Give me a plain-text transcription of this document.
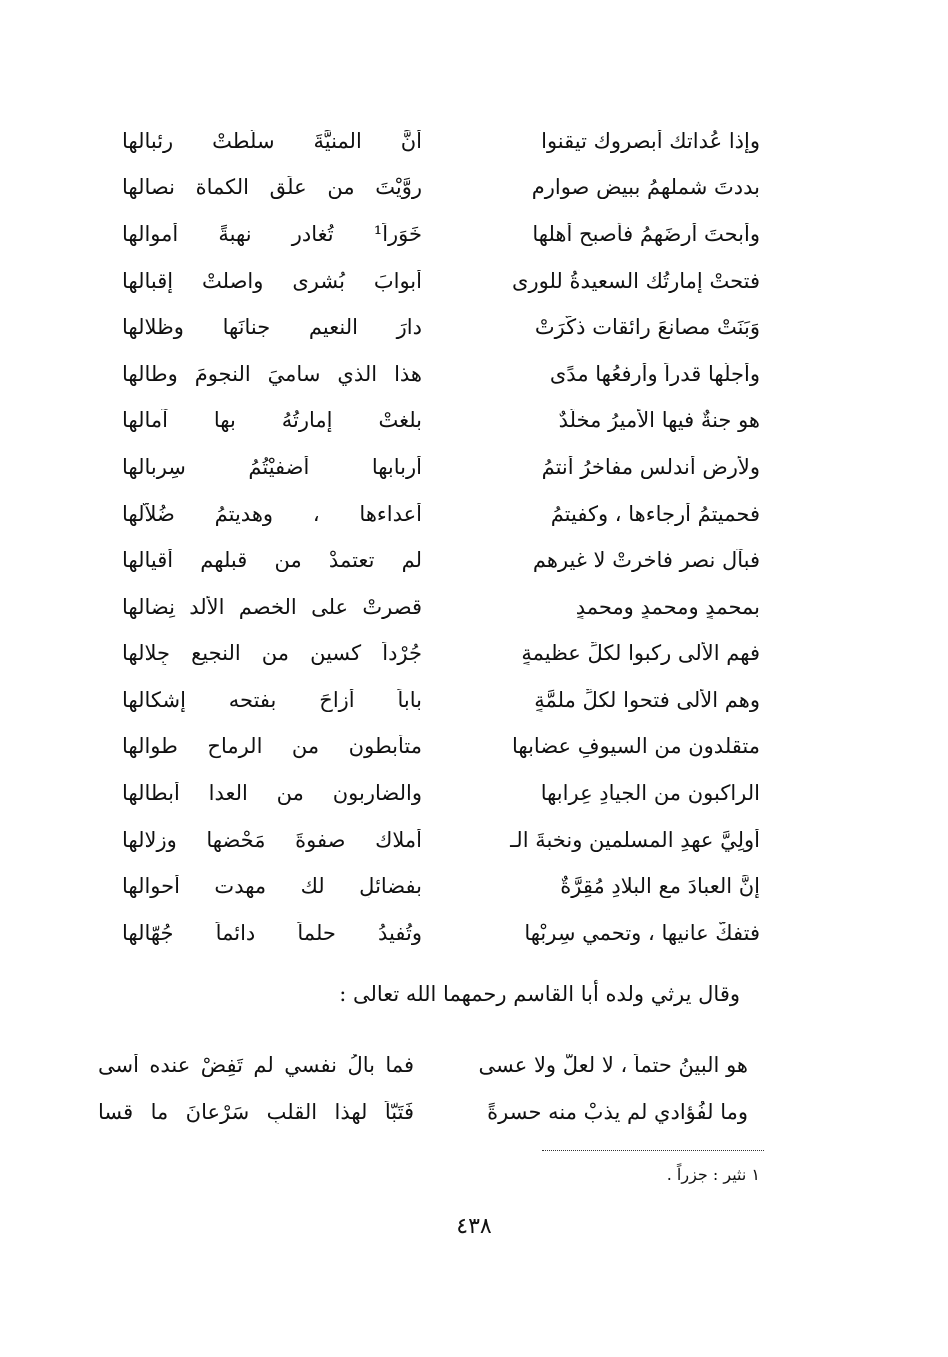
وإذا عُداتك أبصروك تيقنوا
أنَّ المنيَّةَ سلَّطتْ رِئبالها
بددتَ شملهمُ ببيض صوارمٍ
روَّيْتَ من علَقِ الكماة نصالها
وأبحتَ أرضَهمُ فأصبح أهلها
خَوَراً¹ تُغادر نهبةً أموالها
فتحتْ إمارتُك السعيدةُ للورى
أبوابَ بُشرى واصلتْ إقبالها
وَبَنَتْ مصانعَ رائقات ذكَّرَتْ
دارَ النعيم جنانَها وظلالها
وأجلُّها قدراً وأرفعُها مدًى
هذا الذي ساميَ النجومَ وطالها
هو جنةٌ فيها الأميرُ مخلَّدٌ
بلغتْ إمارتُهُ بها آمالها
ولأرضِ أندلسٍ مفاخرُ أنتمُ
أربابها أضفيْتُمُ سِربالها
فحميتمُ أرجاءها ، وكفيتمُ
أعداءها ، وهديتمُ ضُلاَّلها
فبآل نصرٍ فاخرتْ لا غيرهم
لم تعتمدْ من قبلهم أقيالها
بمحمدٍ ومحمدٍ ومحمدٍ
قصرتْ على الخصم الألد نِضالها
فهم الألى ركبوا لكلِّ عظيمةٍ
جُرْداً كسين من النجيع جِلالها
وهم الألى فتحوا لكلِّ ملمَّةٍ
باباً أزاحَ بفتحه إشكالها
متقلدون من السيوفِ عضابها
متأبطون من الرماح طوالها
الراكبون من الجيادِ عِرابها
والضاربون من العدا أبطالها
أولِيَّ عهدِ المسلمين ونخبةَ الـ
أملاك صفوةَ مَحْضها وزلالها
إنَّ العبادَ مع البلادِ مُقِرَّةٌ
بفضائلٍ لك مهدت أحوالها
فتفكُّ عانيها ، وتحمي سِربْها
وتُفيدُ حلماً دائماً جُهّالها
وقال يرثي ولده أبا القاسم رحمهما الله تعالى :
هو البينُ حتماً ، لا لعلَّ ولا عسى
فما بالُ نفسي لم تَفِضْ عنده أسى
وما لفُؤادي لم يذبْ منه حسرةً
فَتَبّاً لهذا القلبِ سَرْعانَ ما قسا
١ نثير : جزراً .
٤٣٨
